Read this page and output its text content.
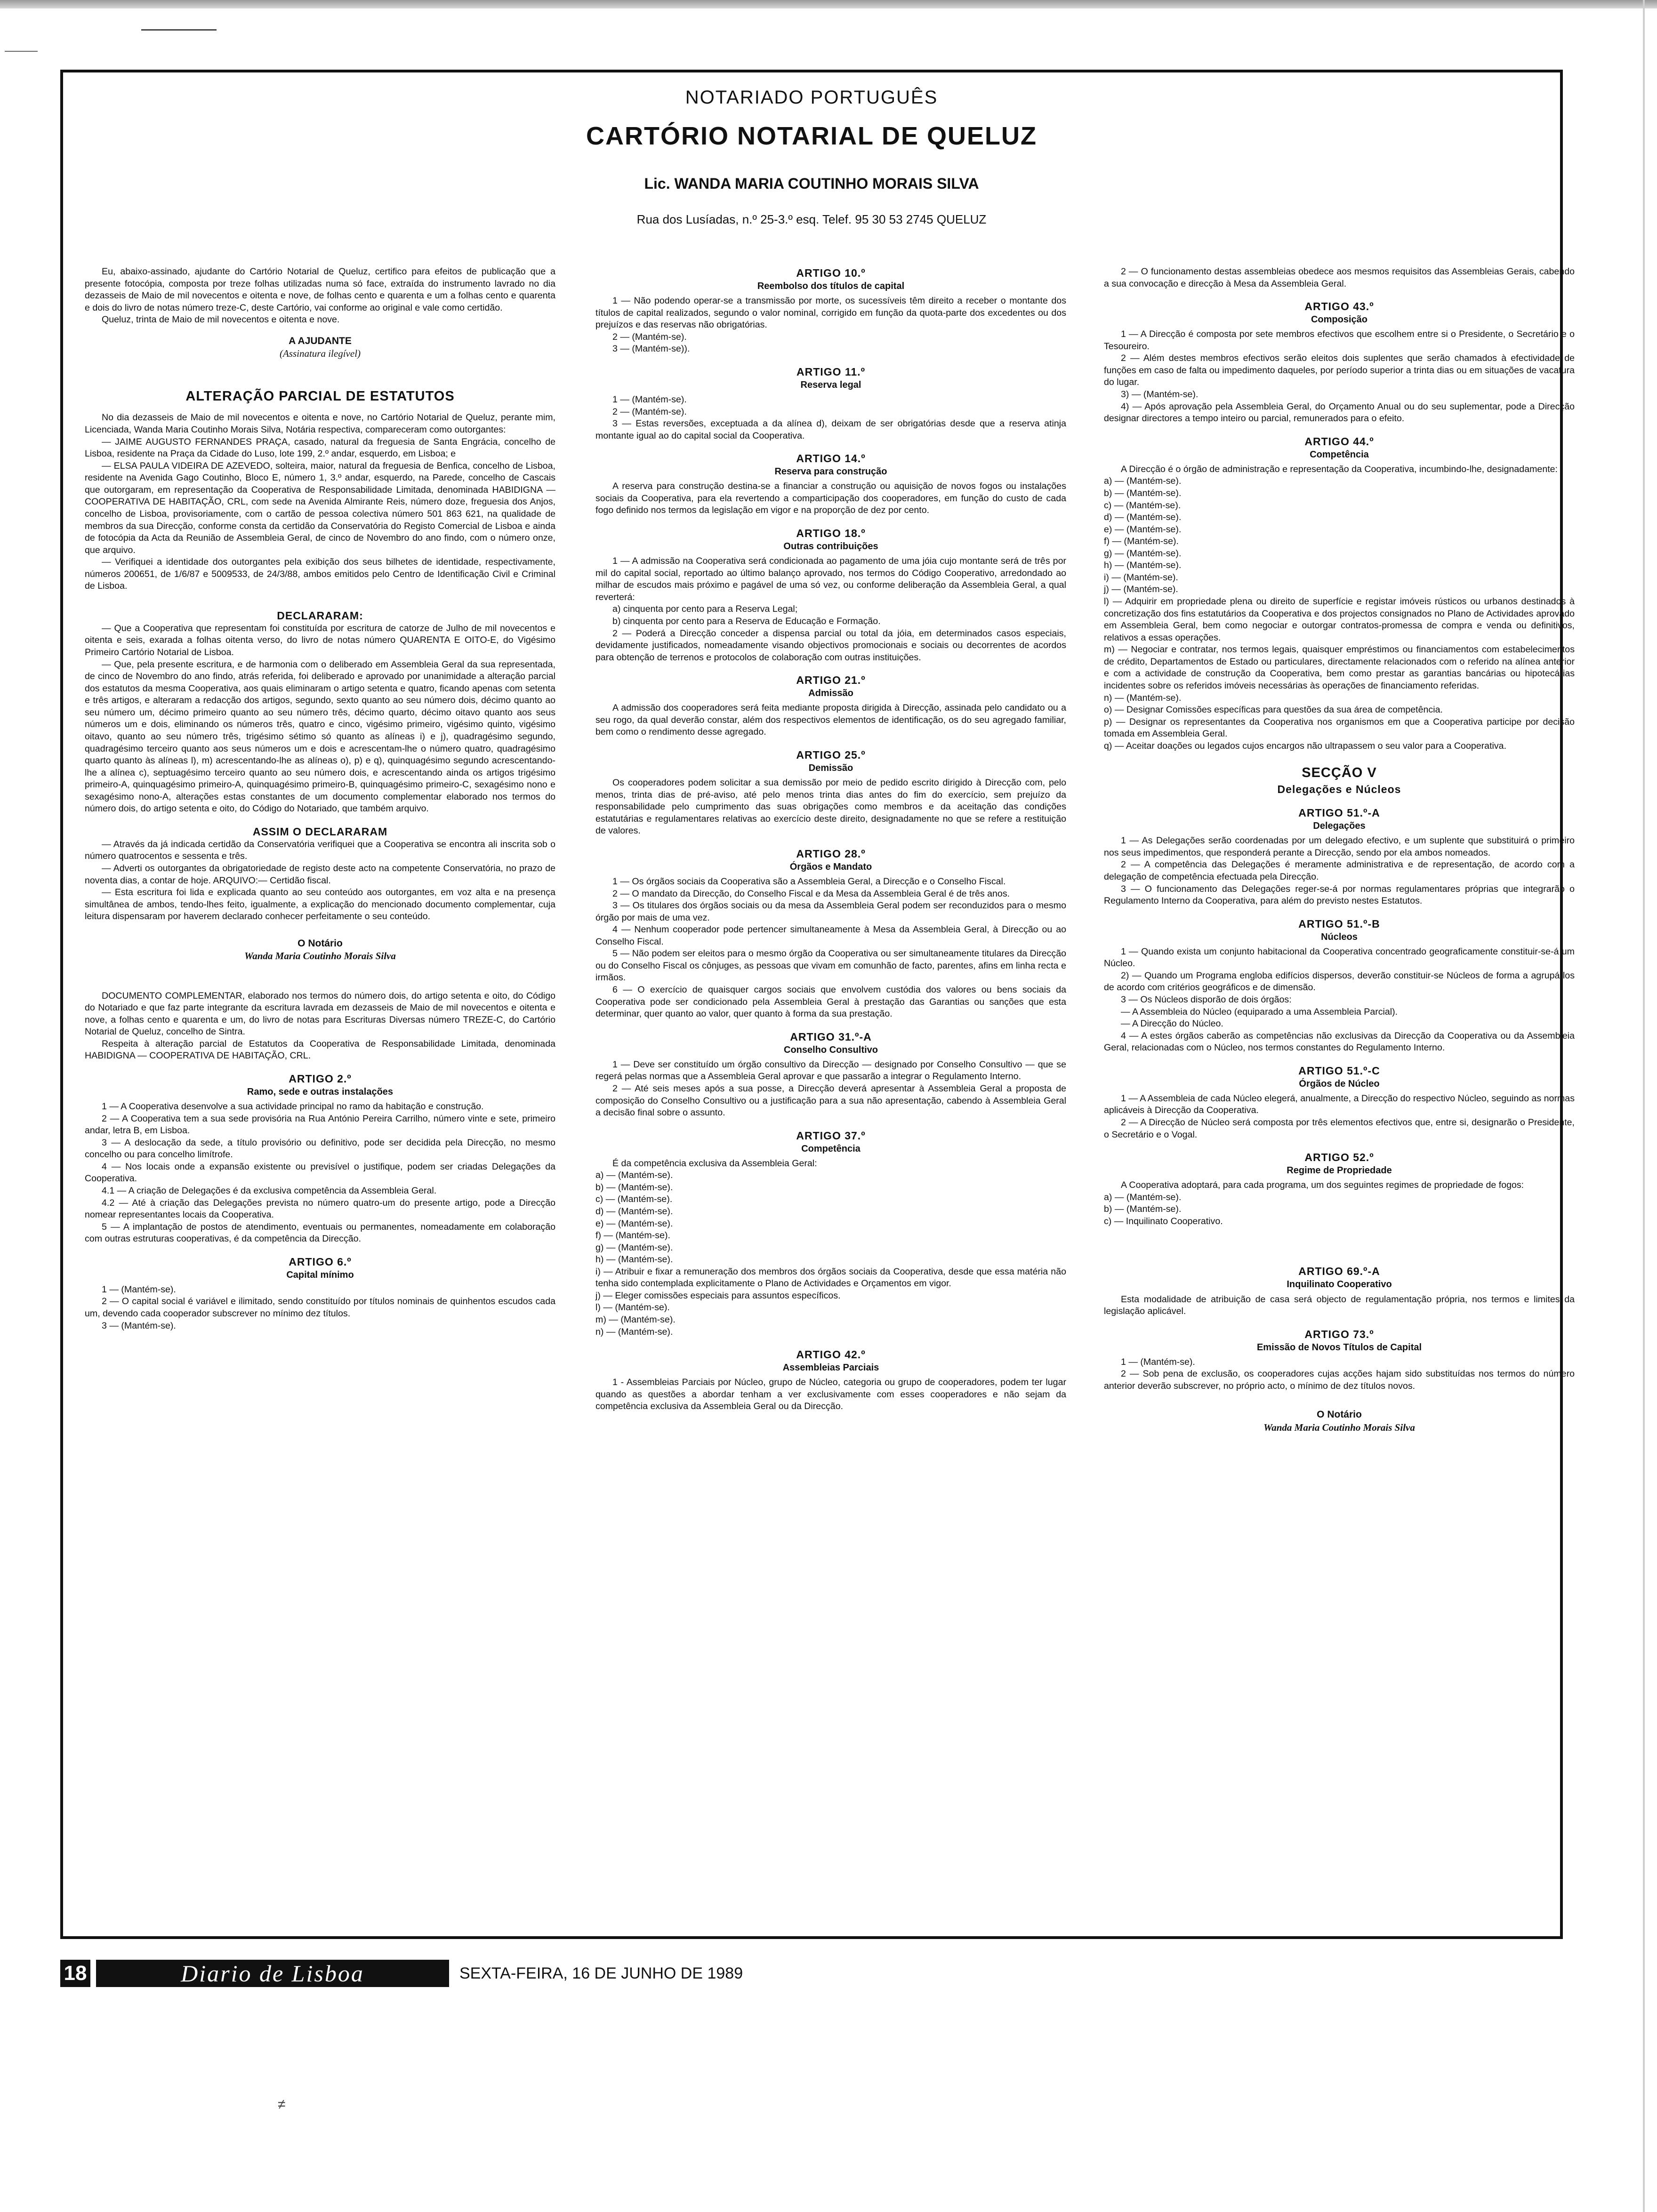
NOTARIADO PORTUGUÊS

CARTÓRIO NOTARIAL DE QUELUZ

Lic. WANDA MARIA COUTINHO MORAIS SILVA

Rua dos Lusíadas, n.º 25-3.º esq. Telef. 95 30 53 2745 QUELUZ

Eu, abaixo-assinado, ajudante do Cartório Notarial de Queluz, certifico para efeitos de publicação que a presente fotocópia, composta por treze folhas utilizadas numa só face, extraída do instrumento lavrado no dia dezasseis de Maio de mil novecentos e oitenta e nove, de folhas cento e quarenta e um a folhas cento e quarenta e dois do livro de notas número treze-C, deste Cartório, vai conforme ao original e vale como certidão.

Queluz, trinta de Maio de mil novecentos e oitenta e nove.

A AJUDANTE
(Assinatura ilegível)
ALTERAÇÃO PARCIAL DE ESTATUTOS

No dia dezasseis de Maio de mil novecentos e oitenta e nove, no Cartório Notarial de Queluz, perante mim, Licenciada, Wanda Maria Coutinho Morais Silva, Notária respectiva, compareceram como outorgantes:

— JAIME AUGUSTO FERNANDES PRAÇA, casado, natural da freguesia de Santa Engrácia, concelho de Lisboa, residente na Praça da Cidade do Luso, lote 199, 2.º andar, esquerdo, em Lisboa; e

— ELSA PAULA VIDEIRA DE AZEVEDO, solteira, maior, natural da freguesia de Benfica, concelho de Lisboa, residente na Avenida Gago Coutinho, Bloco E, número 1, 3.º andar, esquerdo, na Parede, concelho de Cascais que outorgaram, em representação da Cooperativa de Responsabilidade Limitada, denominada HABIDIGNA — COOPERATIVA DE HABITAÇÃO, CRL, com sede na Avenida Almirante Reis, número doze, freguesia dos Anjos, concelho de Lisboa, provisoriamente, com o cartão de pessoa colectiva número 501 863 621, na qualidade de membros da sua Direcção, conforme consta da certidão da Conservatória do Registo Comercial de Lisboa e ainda de fotocópia da Acta da Reunião de Assembleia Geral, de cinco de Novembro do ano findo, com o número onze, que arquivo.

— Verifiquei a identidade dos outorgantes pela exibição dos seus bilhetes de identidade, respectivamente, números 200651, de 1/6/87 e 5009533, de 24/3/88, ambos emitidos pelo Centro de Identificação Civil e Criminal de Lisboa.

DECLARARAM:

— Que a Cooperativa que representam foi constituída por escritura de catorze de Julho de mil novecentos e oitenta e seis, exarada a folhas oitenta verso, do livro de notas número QUARENTA E OITO-E, do Vigésimo Primeiro Cartório Notarial de Lisboa.

— Que, pela presente escritura, e de harmonia com o deliberado em Assembleia Geral da sua representada, de cinco de Novembro do ano findo, atrás referida, foi deliberado e aprovado por unanimidade a alteração parcial dos estatutos da mesma Cooperativa, aos quais eliminaram o artigo setenta e quatro, ficando apenas com setenta e três artigos, e alteraram a redacção dos artigos, segundo, sexto quanto ao seu número dois, décimo quanto ao seu número um, décimo primeiro quanto ao seu número três, décimo quarto, décimo oitavo quanto aos seus números um e dois, eliminando os números três, quatro e cinco, vigésimo primeiro, vigésimo quinto, vigésimo oitavo, quanto ao seu número três, trigésimo sétimo só quanto as alíneas i) e j), quadragésimo segundo, quadragésimo terceiro quanto aos seus números um e dois e acrescentam-lhe o número quatro, quadragésimo quarto quanto às alíneas l), m) acrescentando-lhe as alíneas o), p) e q), quinquagésimo segundo acrescentando-lhe a alínea c), septuagésimo terceiro quanto ao seu número dois, e acrescentando ainda os artigos trigésimo primeiro-A, quinquagésimo primeiro-A, quinquagésimo primeiro-B, quinquagésimo primeiro-C, sexagésimo nono e sexagésimo nono-A, alterações estas constantes de um documento complementar elaborado nos termos do número dois, do artigo setenta e oito, do Código do Notariado, que também arquivo.

ASSIM O DECLARARAM

— Através da já indicada certidão da Conservatória verifiquei que a Cooperativa se encontra ali inscrita sob o número quatrocentos e sessenta e três.

— Adverti os outorgantes da obrigatoriedade de registo deste acto na competente Conservatória, no prazo de noventa dias, a contar de hoje. ARQUIVO:— Certidão fiscal.

— Esta escritura foi lida e explicada quanto ao seu conteúdo aos outorgantes, em voz alta e na presença simultânea de ambos, tendo-lhes feito, igualmente, a explicação do mencionado documento complementar, cuja leitura dispensaram por haverem declarado conhecer perfeitamente o seu conteúdo.

O Notário
Wanda Maria Coutinho Morais Silva

DOCUMENTO COMPLEMENTAR, elaborado nos termos do número dois, do artigo setenta e oito, do Código do Notariado e que faz parte integrante da escritura lavrada em dezasseis de Maio de mil novecentos e oitenta e nove, a folhas cento e quarenta e um, do livro de notas para Escrituras Diversas número TREZE-C, do Cartório Notarial de Queluz, concelho de Sintra.

Respeita à alteração parcial de Estatutos da Cooperativa de Responsabilidade Limitada, denominada HABIDIGNA — COOPERATIVA DE HABITAÇÃO, CRL.

ARTIGO 2.º
Ramo, sede e outras instalações

1 — A Cooperativa desenvolve a sua actividade principal no ramo da habitação e construção.

2 — A Cooperativa tem a sua sede provisória na Rua António Pereira Carrilho, número vinte e sete, primeiro andar, letra B, em Lisboa.

3 — A deslocação da sede, a título provisório ou definitivo, pode ser decidida pela Direcção, no mesmo concelho ou para concelho limítrofe.

4 — Nos locais onde a expansão existente ou previsível o justifique, podem ser criadas Delegações da Cooperativa.

4.1 — A criação de Delegações é da exclusiva competência da Assembleia Geral.

4.2 — Até à criação das Delegações prevista no número quatro-um do presente artigo, pode a Direcção nomear representantes locais da Cooperativa.

5 — A implantação de postos de atendimento, eventuais ou permanentes, nomeadamente em colaboração com outras estruturas cooperativas, é da competência da Direcção.

ARTIGO 6.º
Capital mínimo

1 — (Mantém-se).

2 — O capital social é variável e ilimitado, sendo constituído por títulos nominais de quinhentos escudos cada um, devendo cada cooperador subscrever no mínimo dez títulos.

3 — (Mantém-se).

ARTIGO 10.º
Reembolso dos títulos de capital

1 — Não podendo operar-se a transmissão por morte, os sucessíveis têm direito a receber o montante dos títulos de capital realizados, segundo o valor nominal, corrigido em função da quota-parte dos excedentes ou dos prejuízos e das reservas não obrigatórias.

2 — (Mantém-se).

3 — (Mantém-se)).

ARTIGO 11.º
Reserva legal

1 — (Mantém-se).

2 — (Mantém-se).

3 — Estas reversões, exceptuada a da alínea d), deixam de ser obrigatórias desde que a reserva atinja montante igual ao do capital social da Cooperativa.

ARTIGO 14.º
Reserva para construção

A reserva para construção destina-se a financiar a construção ou aquisição de novos fogos ou instalações sociais da Cooperativa, para ela revertendo a comparticipação dos cooperadores, em função do custo de cada fogo definido nos termos da legislação em vigor e na proporção de dez por cento.

ARTIGO 18.º
Outras contribuições

1 — A admissão na Cooperativa será condicionada ao pagamento de uma jóia cujo montante será de três por mil do capital social, reportado ao último balanço aprovado, nos termos do Código Cooperativo, arredondado ao milhar de escudos mais próximo e pagável de uma só vez, ou conforme deliberação da Assembleia Geral, a qual reverterá:

a) cinquenta por cento para a Reserva Legal;

b) cinquenta por cento para a Reserva de Educação e Formação.

2 — Poderá a Direcção conceder a dispensa parcial ou total da jóia, em determinados casos especiais, devidamente justificados, nomeadamente visando objectivos promocionais e sociais ou decorrentes de acordos para obtenção de terrenos e protocolos de colaboração com outras instituições.

ARTIGO 21.º
Admissão

A admissão dos cooperadores será feita mediante proposta dirigida à Direcção, assinada pelo candidato ou a seu rogo, da qual deverão constar, além dos respectivos elementos de identificação, os do seu agregado familiar, bem como o rendimento desse agregado.

ARTIGO 25.º
Demissão

Os cooperadores podem solicitar a sua demissão por meio de pedido escrito dirigido à Direcção com, pelo menos, trinta dias de pré-aviso, até pelo menos trinta dias antes do fim do exercício, sem prejuízo da responsabilidade pelo cumprimento das suas obrigações como membros e da aceitação das condições estatutárias e regulamentares relativas ao exercício deste direito, designadamente no que se refere a restituição de valores.

ARTIGO 28.º
Órgãos e Mandato

1 — Os órgãos sociais da Cooperativa são a Assembleia Geral, a Direcção e o Conselho Fiscal.

2 — O mandato da Direcção, do Conselho Fiscal e da Mesa da Assembleia Geral é de três anos.

3 — Os titulares dos órgãos sociais ou da mesa da Assembleia Geral podem ser reconduzidos para o mesmo órgão por mais de uma vez.

4 — Nenhum cooperador pode pertencer simultaneamente à Mesa da Assembleia Geral, à Direcção ou ao Conselho Fiscal.

5 — Não podem ser eleitos para o mesmo órgão da Cooperativa ou ser simultaneamente titulares da Direcção ou do Conselho Fiscal os cônjuges, as pessoas que vivam em comunhão de facto, parentes, afins em linha recta e irmãos.

6 — O exercício de quaisquer cargos sociais que envolvem custódia dos valores ou bens sociais da Cooperativa pode ser condicionado pela Assembleia Geral à prestação das Garantias ou sanções que esta determinar, quer quanto ao valor, quer quanto à forma da sua prestação.

ARTIGO 31.º-A
Conselho Consultivo

1 — Deve ser constituído um órgão consultivo da Direcção — designado por Conselho Consultivo — que se regerá pelas normas que a Assembleia Geral aprovar e que passarão a integrar o Regulamento Interno.

2 — Até seis meses após a sua posse, a Direcção deverá apresentar à Assembleia Geral a proposta de composição do Conselho Consultivo ou a justificação para a sua não apresentação, cabendo à Assembleia Geral a decisão final sobre o assunto.

ARTIGO 37.º
Competência

É da competência exclusiva da Assembleia Geral:

a) — (Mantém-se).

b) — (Mantém-se).

c) — (Mantém-se).

d) — (Mantém-se).

e) — (Mantém-se).

f) — (Mantém-se).

g) — (Mantém-se).

h) — (Mantém-se).

i) — Atribuir e fixar a remuneração dos membros dos órgãos sociais da Cooperativa, desde que essa matéria não tenha sido contemplada explicitamente o Plano de Actividades e Orçamentos em vigor.

j) — Eleger comissões especiais para assuntos específicos.

l) — (Mantém-se).

m) — (Mantém-se).

n) — (Mantém-se).

ARTIGO 42.º
Assembleias Parciais

1 - Assembleias Parciais por Núcleo, grupo de Núcleo, categoria ou grupo de cooperadores, podem ter lugar quando as questões a abordar tenham a ver exclusivamente com esses cooperadores e não sejam da competência exclusiva da Assembleia Geral ou da Direcção.

2 — O funcionamento destas assembleias obedece aos mesmos requisitos das Assembleias Gerais, cabendo a sua convocação e direcção à Mesa da Assembleia Geral.

ARTIGO 43.º
Composição

1 — A Direcção é composta por sete membros efectivos que escolhem entre si o Presidente, o Secretário e o Tesoureiro.

2 — Além destes membros efectivos serão eleitos dois suplentes que serão chamados à efectividade de funções em caso de falta ou impedimento daqueles, por período superior a trinta dias ou em situações de vacatura do lugar.

3) — (Mantém-se).

4) — Após aprovação pela Assembleia Geral, do Orçamento Anual ou do seu suplementar, pode a Direcção designar directores a tempo inteiro ou parcial, remunerados para o efeito.

ARTIGO 44.º
Competência

A Direcção é o órgão de administração e representação da Cooperativa, incumbindo-lhe, designadamente:

a) — (Mantém-se).

b) — (Mantém-se).

c) — (Mantém-se).

d) — (Mantém-se).

e) — (Mantém-se).

f) — (Mantém-se).

g) — (Mantém-se).

h) — (Mantém-se).

i) — (Mantém-se).

j) — (Mantém-se).

l) — Adquirir em propriedade plena ou direito de superfície e registar imóveis rústicos ou urbanos destinados à concretização dos fins estatutários da Cooperativa e dos projectos consignados no Plano de Actividades aprovado em Assembleia Geral, bem como negociar e outorgar contratos-promessa de compra e venda ou definitivos, relativos a essas operações.

m) — Negociar e contratar, nos termos legais, quaisquer empréstimos ou financiamentos com estabelecimentos de crédito, Departamentos de Estado ou particulares, directamente relacionados com o referido na alínea anterior e com a actividade de construção da Cooperativa, bem como prestar as garantias bancárias ou hipotecárias incidentes sobre os referidos imóveis necessárias às operações de financiamento referidas.

n) — (Mantém-se).

o) — Designar Comissões específicas para questões da sua área de competência.

p) — Designar os representantes da Cooperativa nos organismos em que a Cooperativa participe por decisão tomada em Assembleia Geral.

q) — Aceitar doações ou legados cujos encargos não ultrapassem o seu valor para a Cooperativa.

SECÇÃO V
Delegações e Núcleos
ARTIGO 51.º-A
Delegações

1 — As Delegações serão coordenadas por um delegado efectivo, e um suplente que substituirá o primeiro nos seus impedimentos, que responderá perante a Direcção, sendo por ela ambos nomeados.

2 — A competência das Delegações é meramente administrativa e de representação, de acordo com a delegação de competência efectuada pela Direcção.

3 — O funcionamento das Delegações reger-se-á por normas regulamentares próprias que integrarão o Regulamento Interno da Cooperativa, para além do previsto nestes Estatutos.

ARTIGO 51.º-B
Núcleos

1 — Quando exista um conjunto habitacional da Cooperativa concentrado geograficamente constituir-se-á um Núcleo.

2) — Quando um Programa engloba edifícios dispersos, deverão constituir-se Núcleos de forma a agrupá-los de acordo com critérios geográficos e de dimensão.

3 — Os Núcleos disporão de dois órgãos:

— A Assembleia do Núcleo (equiparado a uma Assembleia Parcial).

— A Direcção do Núcleo.

4 — A estes órgãos caberão as competências não exclusivas da Direcção da Cooperativa ou da Assembleia Geral, relacionadas com o Núcleo, nos termos constantes do Regulamento Interno.

ARTIGO 51.º-C
Órgãos de Núcleo

1 — A Assembleia de cada Núcleo elegerá, anualmente, a Direcção do respectivo Núcleo, seguindo as normas aplicáveis à Direcção da Cooperativa.

2 — A Direcção de Núcleo será composta por três elementos efectivos que, entre si, designarão o Presidente, o Secretário e o Vogal.

ARTIGO 52.º
Regime de Propriedade

A Cooperativa adoptará, para cada programa, um dos seguintes regimes de propriedade de fogos:

a) — (Mantém-se).

b) — (Mantém-se).

c) — Inquilinato Cooperativo.

ARTIGO 69.º-A
Inquilinato Cooperativo

Esta modalidade de atribuição de casa será objecto de regulamentação própria, nos termos e limites da legislação aplicável.

ARTIGO 73.º
Emissão de Novos Títulos de Capital

1 — (Mantém-se).

2 — Sob pena de exclusão, os cooperadores cujas acções hajam sido substituídas nos termos do número anterior deverão subscrever, no próprio acto, o mínimo de dez títulos novos.

O Notário
Wanda Maria Coutinho Morais Silva
18	Diario de Lisboa	SEXTA-FEIRA, 16 DE JUNHO DE 1989
≠
